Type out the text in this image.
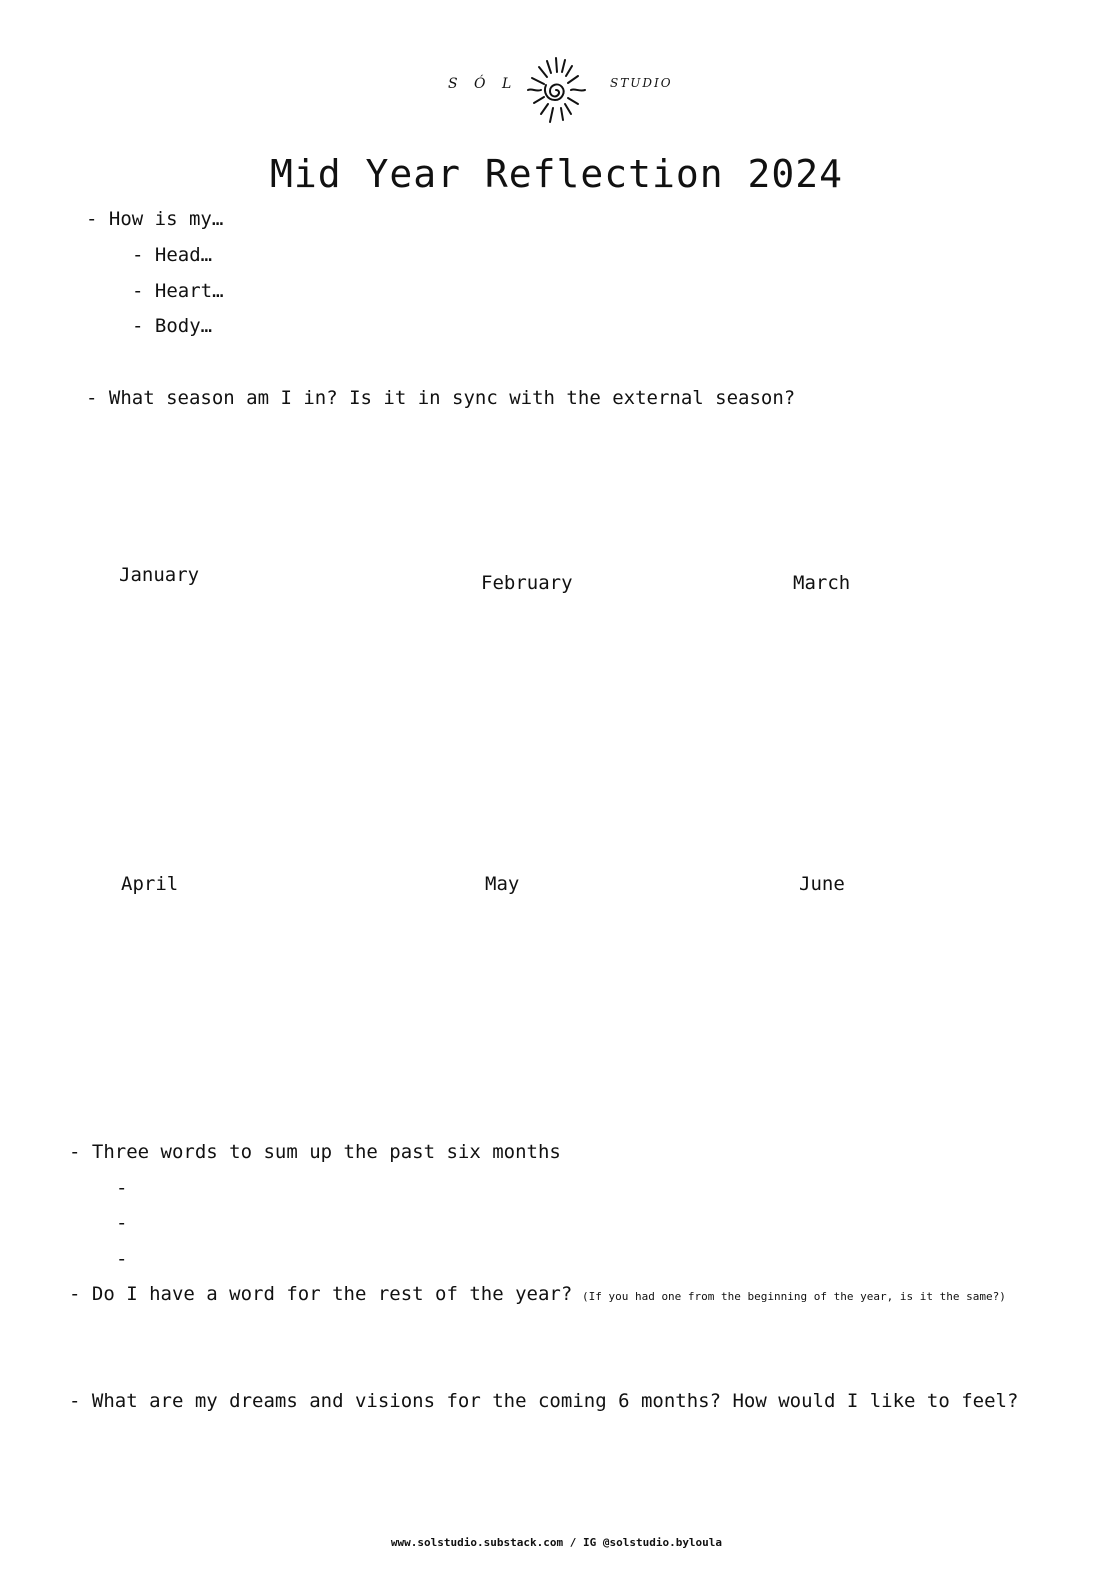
S Ó L	STUDIO
Mid Year Reflection 2024
- How is my…
- Head…
- Heart…
- Body…
- What season am I in? Is it in sync with the external season?
January	February	March
April	May	June
- Three words to sum up the past six months
-
-
-
- Do I have a word for the rest of the year? (If you had one from the beginning of the year, is it the same?)
- What are my dreams and visions for the coming 6 months? How would I like to feel?
www.solstudio.substack.com / IG @solstudio.byloula
